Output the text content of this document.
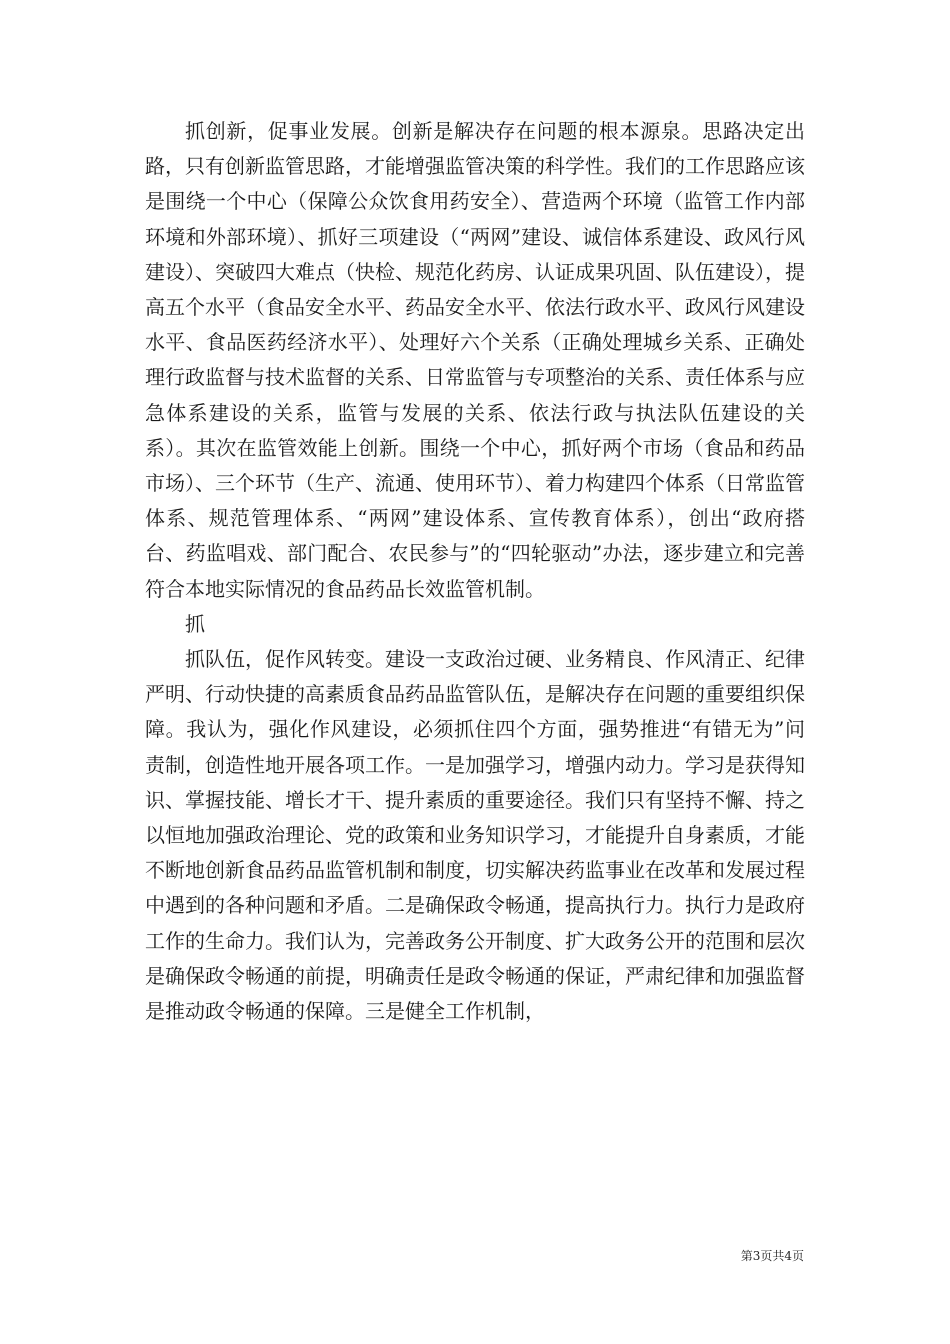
抓创新，促事业发展。创新是解决存在问题的根本源泉。思路决定出路，只有创新监管思路，才能增强监管决策的科学性。我们的工作思路应该是围绕一个中心（保障公众饮食用药安全）、营造两个环境（监管工作内部环境和外部环境）、抓好三项建设（“两网”建设、诚信体系建设、政风行风建设）、突破四大难点（快检、规范化药房、认证成果巩固、队伍建设），提高五个水平（食品安全水平、药品安全水平、依法行政水平、政风行风建设水平、食品医药经济水平）、处理好六个关系（正确处理城乡关系、正确处理行政监督与技术监督的关系、日常监管与专项整治的关系、责任体系与应急体系建设的关系，监管与发展的关系、依法行政与执法队伍建设的关系）。其次在监管效能上创新。围绕一个中心，抓好两个市场（食品和药品市场）、三个环节（生产、流通、使用环节）、着力构建四个体系（日常监管体系、规范管理体系、“两网”建设体系、宣传教育体系），创出“政府搭台、药监唱戏、部门配合、农民参与”的“四轮驱动”办法，逐步建立和完善符合本地实际情况的食品药品长效监管机制。

抓

抓队伍，促作风转变。建设一支政治过硬、业务精良、作风清正、纪律严明、行动快捷的高素质食品药品监管队伍，是解决存在问题的重要组织保障。我认为，强化作风建设，必须抓住四个方面，强势推进“有错无为”问责制，创造性地开展各项工作。一是加强学习，增强内动力。学习是获得知识、掌握技能、增长才干、提升素质的重要途径。我们只有坚持不懈、持之以恒地加强政治理论、党的政策和业务知识学习，才能提升自身素质，才能不断地创新食品药品监管机制和制度，切实解决药监事业在改革和发展过程中遇到的各种问题和矛盾。二是确保政令畅通，提高执行力。执行力是政府工作的生命力。我们认为，完善政务公开制度、扩大政务公开的范围和层次是确保政令畅通的前提，明确责任是政令畅通的保证，严肃纪律和加强监督是推动政令畅通的保障。三是健全工作机制，

第3页共4页
